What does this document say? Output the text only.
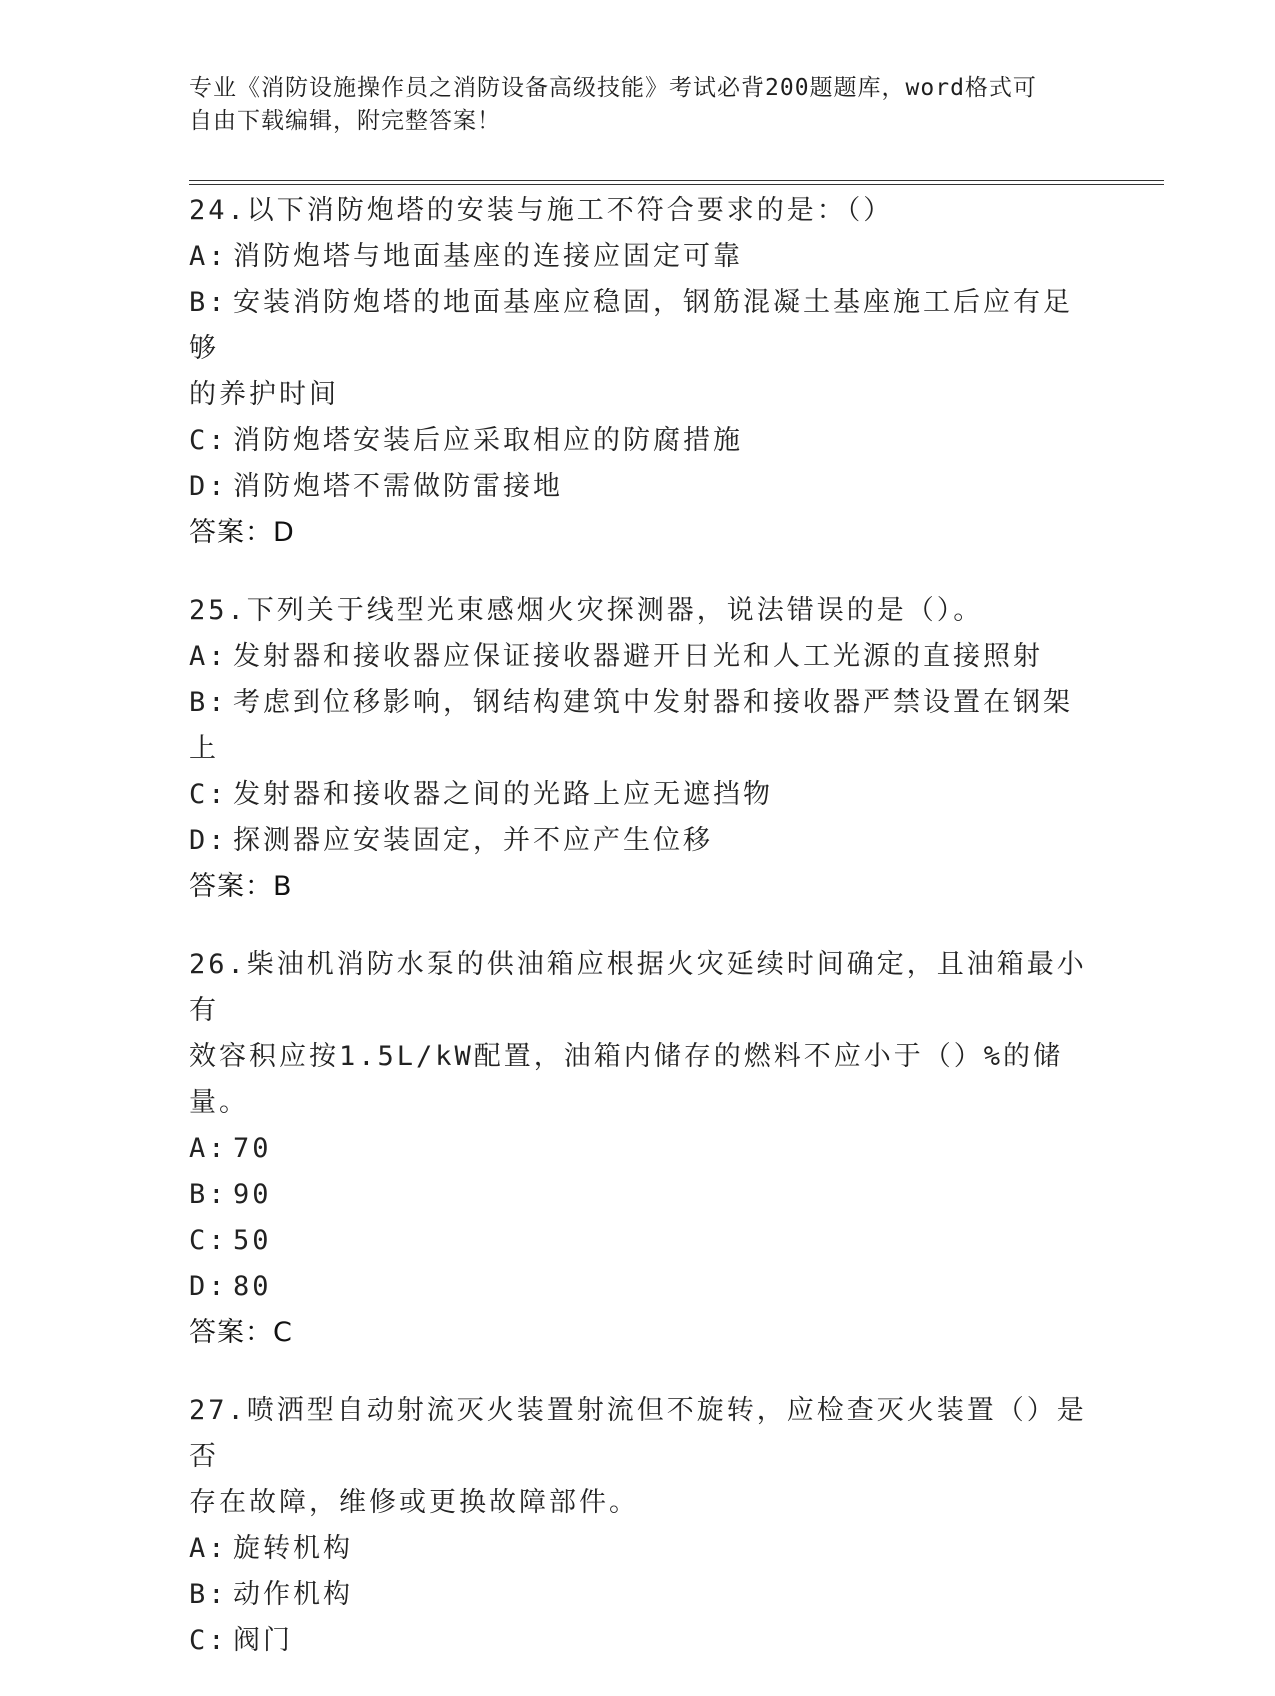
专业《消防设施操作员之消防设备高级技能》考试必背200题题库，word格式可
自由下载编辑，附完整答案！
24.以下消防炮塔的安装与施工不符合要求的是：（）
A: 消防炮塔与地面基座的连接应固定可靠
B: 安装消防炮塔的地面基座应稳固，钢筋混凝土基座施工后应有足够
的养护时间
C: 消防炮塔安装后应采取相应的防腐措施
D: 消防炮塔不需做防雷接地
答案：D
25.下列关于线型光束感烟火灾探测器，说法错误的是（）。
A: 发射器和接收器应保证接收器避开日光和人工光源的直接照射
B: 考虑到位移影响，钢结构建筑中发射器和接收器严禁设置在钢架上
C: 发射器和接收器之间的光路上应无遮挡物
D: 探测器应安装固定，并不应产生位移
答案：B
26.柴油机消防水泵的供油箱应根据火灾延续时间确定，且油箱最小有
效容积应按1.5L/kW配置，油箱内储存的燃料不应小于（）%的储量。
A: 70
B: 90
C: 50
D: 80
答案：C
27.喷洒型自动射流灭火装置射流但不旋转，应检查灭火装置（）是否
存在故障，维修或更换故障部件。
A: 旋转机构
B: 动作机构
C: 阀门
